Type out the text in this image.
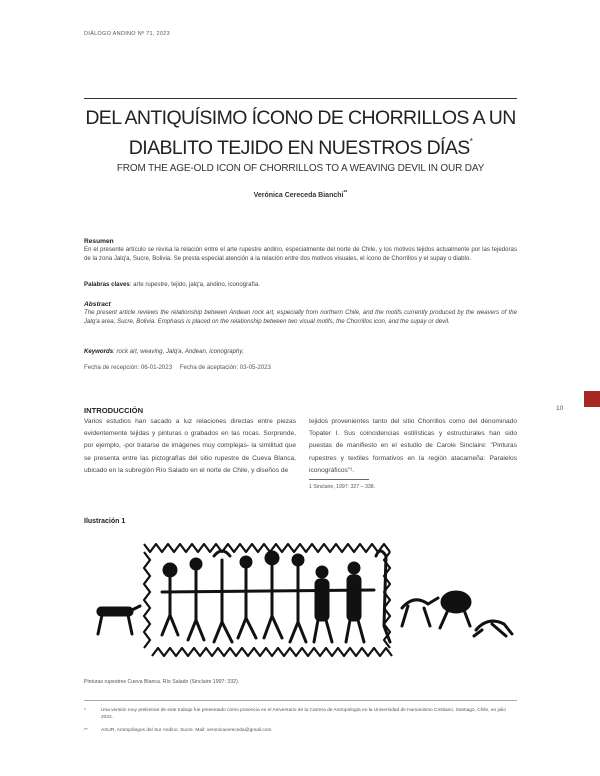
DIÁLOGO ANDINO Nº 71, 2023
DEL ANTIQUÍSIMO ÍCONO DE CHORRILLOS A UN
DIABLITO TEJIDO EN NUESTROS DÍAS*
FROM THE AGE-OLD ICON OF CHORRILLOS TO A WEAVING DEVIL IN OUR DAY
Verónica Cereceda Bianchi**
Resumen
En el presente artículo se revisa la relación entre el arte rupestre andino, especialmente del norte de Chile, y los motivos tejidos actualmente por las tejedoras de la zona Jalq'a, Sucre, Bolivia. Se presta especial atención a la relación entre dos motivos visuales, el ícono de Chorrillos y el supay o diablo.
Palabras claves: arte rupestre, tejido, jalq'a, andino, iconografía.
Abstract
The present article reviews the relationship between Andean rock art, especially from northern Chile, and the motifs currently produced by the weavers of the Jalq'a area, Sucre, Bolivia. Emphasis is placed on the relationship between two visual motifs, the Chorrillos icon, and the supay or devil.
Keywords: rock art, weaving, Jalq'a, Andean, iconography.
Fecha de recepción: 06-01-2023 Fecha de aceptación: 03-05-2023
INTRODUCCIÓN
Varios estudios han sacado a luz relaciones directas entre piezas evidentemente tejidas y pinturas o grabados en las rocas. Sorprende, por ejemplo, -por tratarse de imágenes muy complejas- la similitud que se presenta entre las pictografías del sitio rupestre de Cueva Blanca, ubicado en la subregión Río Salado en el norte de Chile, y diseños de
tejidos provenientes tanto del sitio Chorrillos como del denominado Topater I. Sus coincidencias estilísticas y estructurales han sido puestas de manifiesto en el estudio de Carole Sinclaire: "Pinturas rupestres y textiles formativos en la región atacameña: Paralelos iconográficos"¹.
1 Sinclaire, 1997: 327 – 338.
10
Ilustración 1
Pinturas rupestres Cueva Blanca. Río Salado (Sinclaire 1997: 332).
*	Una versión muy preliminar de este trabajo fue presentado como ponencia en el Aniversario de la Carrera de Antropología en la Universidad de Humanismo Cristiano, Santiago, Chile, en julio 2022.
**	ASUR, Antropólogos del Sur Andino, Sucre. Mail: veronicacereceda@gmail.com
